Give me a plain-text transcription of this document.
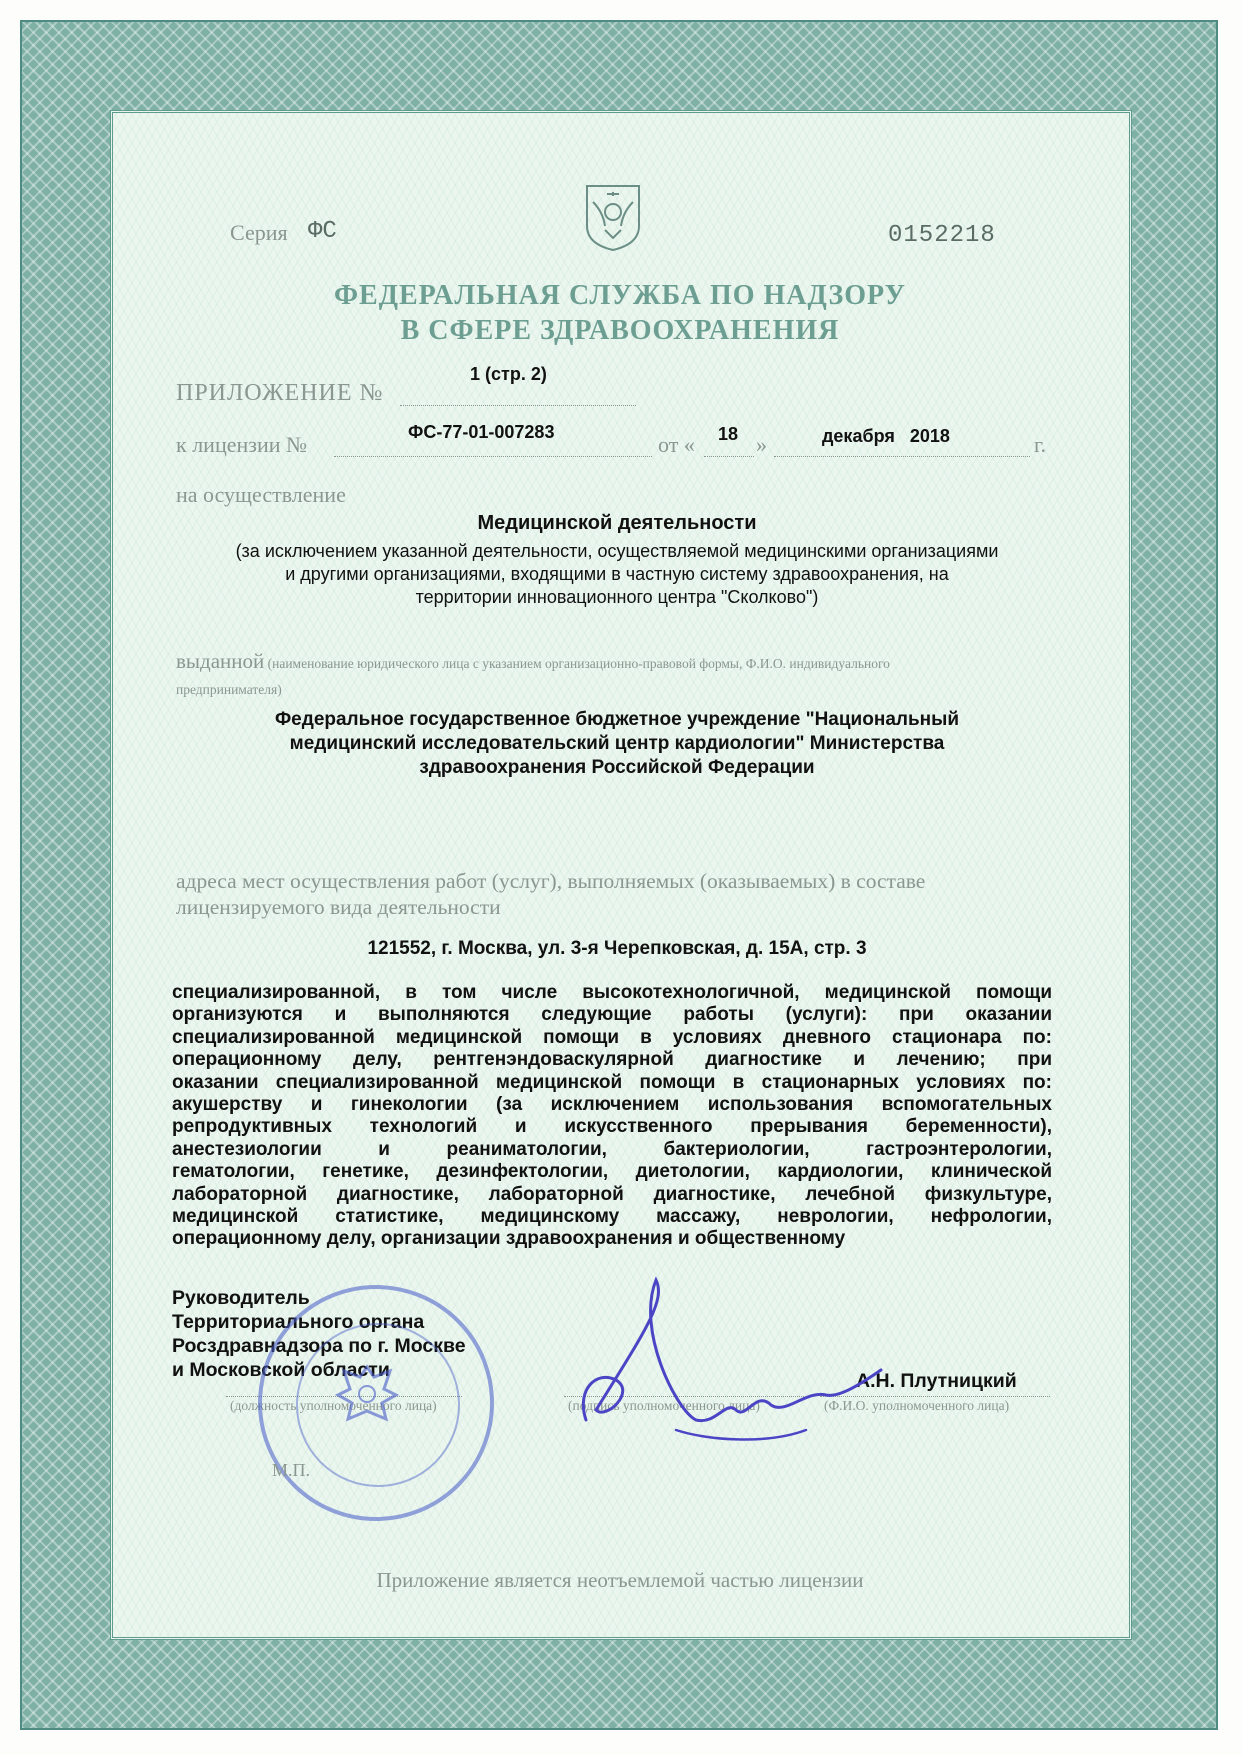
Серия ФС	0152218
ФЕДЕРАЛЬНАЯ СЛУЖБА ПО НАДЗОРУ
В СФЕРЕ ЗДРАВООХРАНЕНИЯ
ПРИЛОЖЕНИЕ №
1 (стр. 2)
к лицензии №	ФС-77-01-007283	от « 18 »	декабря   2018	г.
на осуществление
Медицинской деятельности
(за исключением указанной деятельности, осуществляемой медицинскими организациями
и другими организациями, входящими в частную систему здравоохранения, на
территории инновационного центра "Сколково")
выданной (наименование юридического лица с указанием организационно-правовой формы, Ф.И.О. индивидуального
предпринимателя)
Федеральное государственное бюджетное учреждение "Национальный
медицинский исследовательский центр кардиологии" Министерства
здравоохранения Российской Федерации
адреса мест осуществления работ (услуг), выполняемых (оказываемых) в составе
лицензируемого вида деятельности
121552, г. Москва, ул. 3-я Черепковская, д. 15А, стр. 3
специализированной, в том числе высокотехнологичной, медицинской помощи
организуются и выполняются следующие работы (услуги): при оказании
специализированной медицинской помощи в условиях дневного стационара по:
операционному делу, рентгенэндоваскулярной диагностике и лечению; при
оказании специализированной медицинской помощи в стационарных условиях по:
акушерству и гинекологии (за исключением использования вспомогательных
репродуктивных технологий и искусственного прерывания беременности),
анестезиологии и реаниматологии, бактериологии, гастроэнтерологии,
гематологии, генетике, дезинфектологии, диетологии, кардиологии, клинической
лабораторной диагностике, лабораторной диагностике, лечебной физкультуре,
медицинской статистике, медицинскому массажу, неврологии, нефрологии,
операционному делу, организации здравоохранения и общественному
Руководитель
Территориального органа
Росздравнадзора по г. Москве
и Московской области	А.Н. Плутницкий
(должность уполномоченного лица)	(подпись уполномоченного лица)	(Ф.И.О. уполномоченного лица)
М.П.
Приложение является неотъемлемой частью лицензии
